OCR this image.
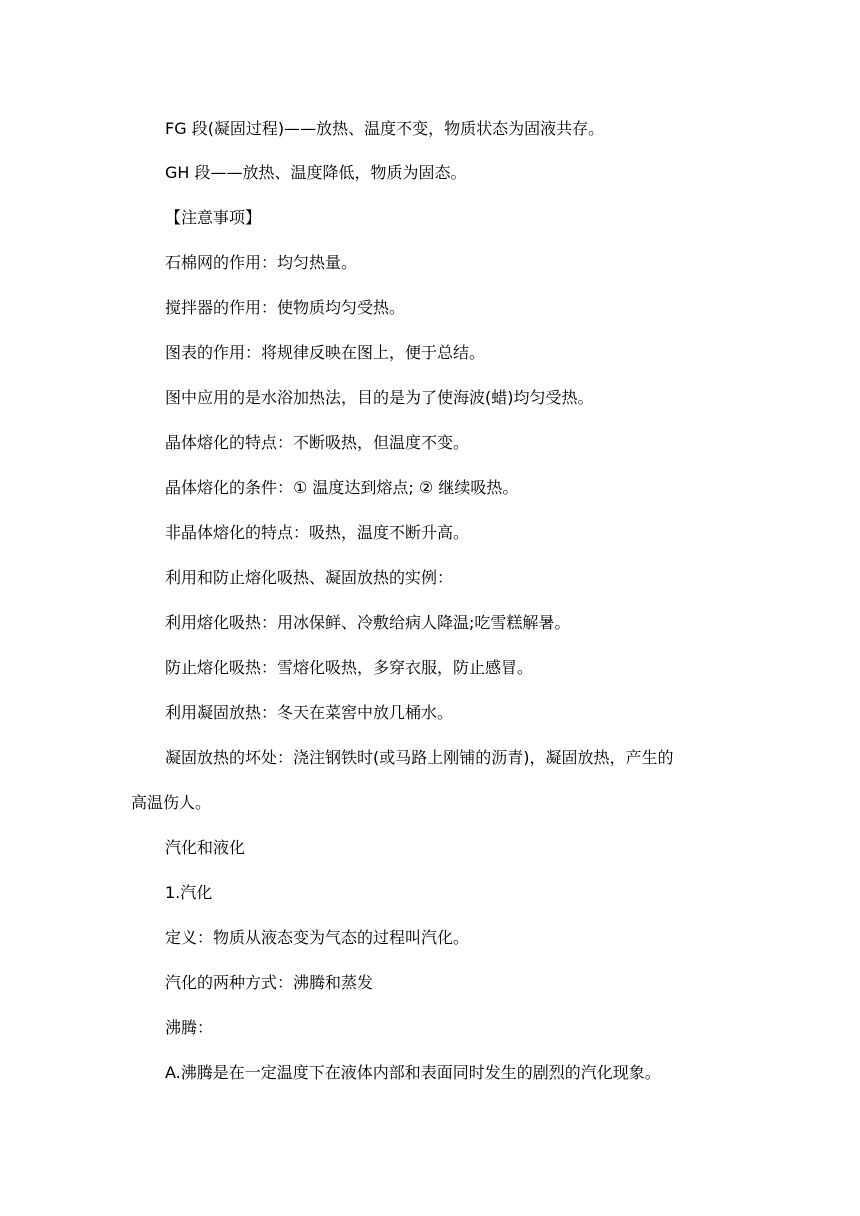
FG 段(凝固过程)——放热、温度不变，物质状态为固液共存。

GH 段——放热、温度降低，物质为固态。

【注意事项】

石棉网的作用：均匀热量。

搅拌器的作用：使物质均匀受热。

图表的作用：将规律反映在图上，便于总结。

图中应用的是水浴加热法，目的是为了使海波(蜡)均匀受热。

晶体熔化的特点：不断吸热，但温度不变。

晶体熔化的条件：① 温度达到熔点; ② 继续吸热。

非晶体熔化的特点：吸热，温度不断升高。

利用和防止熔化吸热、凝固放热的实例：

利用熔化吸热：用冰保鲜、冷敷给病人降温;吃雪糕解暑。

防止熔化吸热：雪熔化吸热，多穿衣服，防止感冒。

利用凝固放热：冬天在菜窖中放几桶水。

凝固放热的坏处：浇注钢铁时(或马路上刚铺的沥青)，凝固放热，产生的

高温伤人。

汽化和液化

1.汽化

定义：物质从液态变为气态的过程叫汽化。

汽化的两种方式：沸腾和蒸发

沸腾：

A.沸腾是在一定温度下在液体内部和表面同时发生的剧烈的汽化现象。
